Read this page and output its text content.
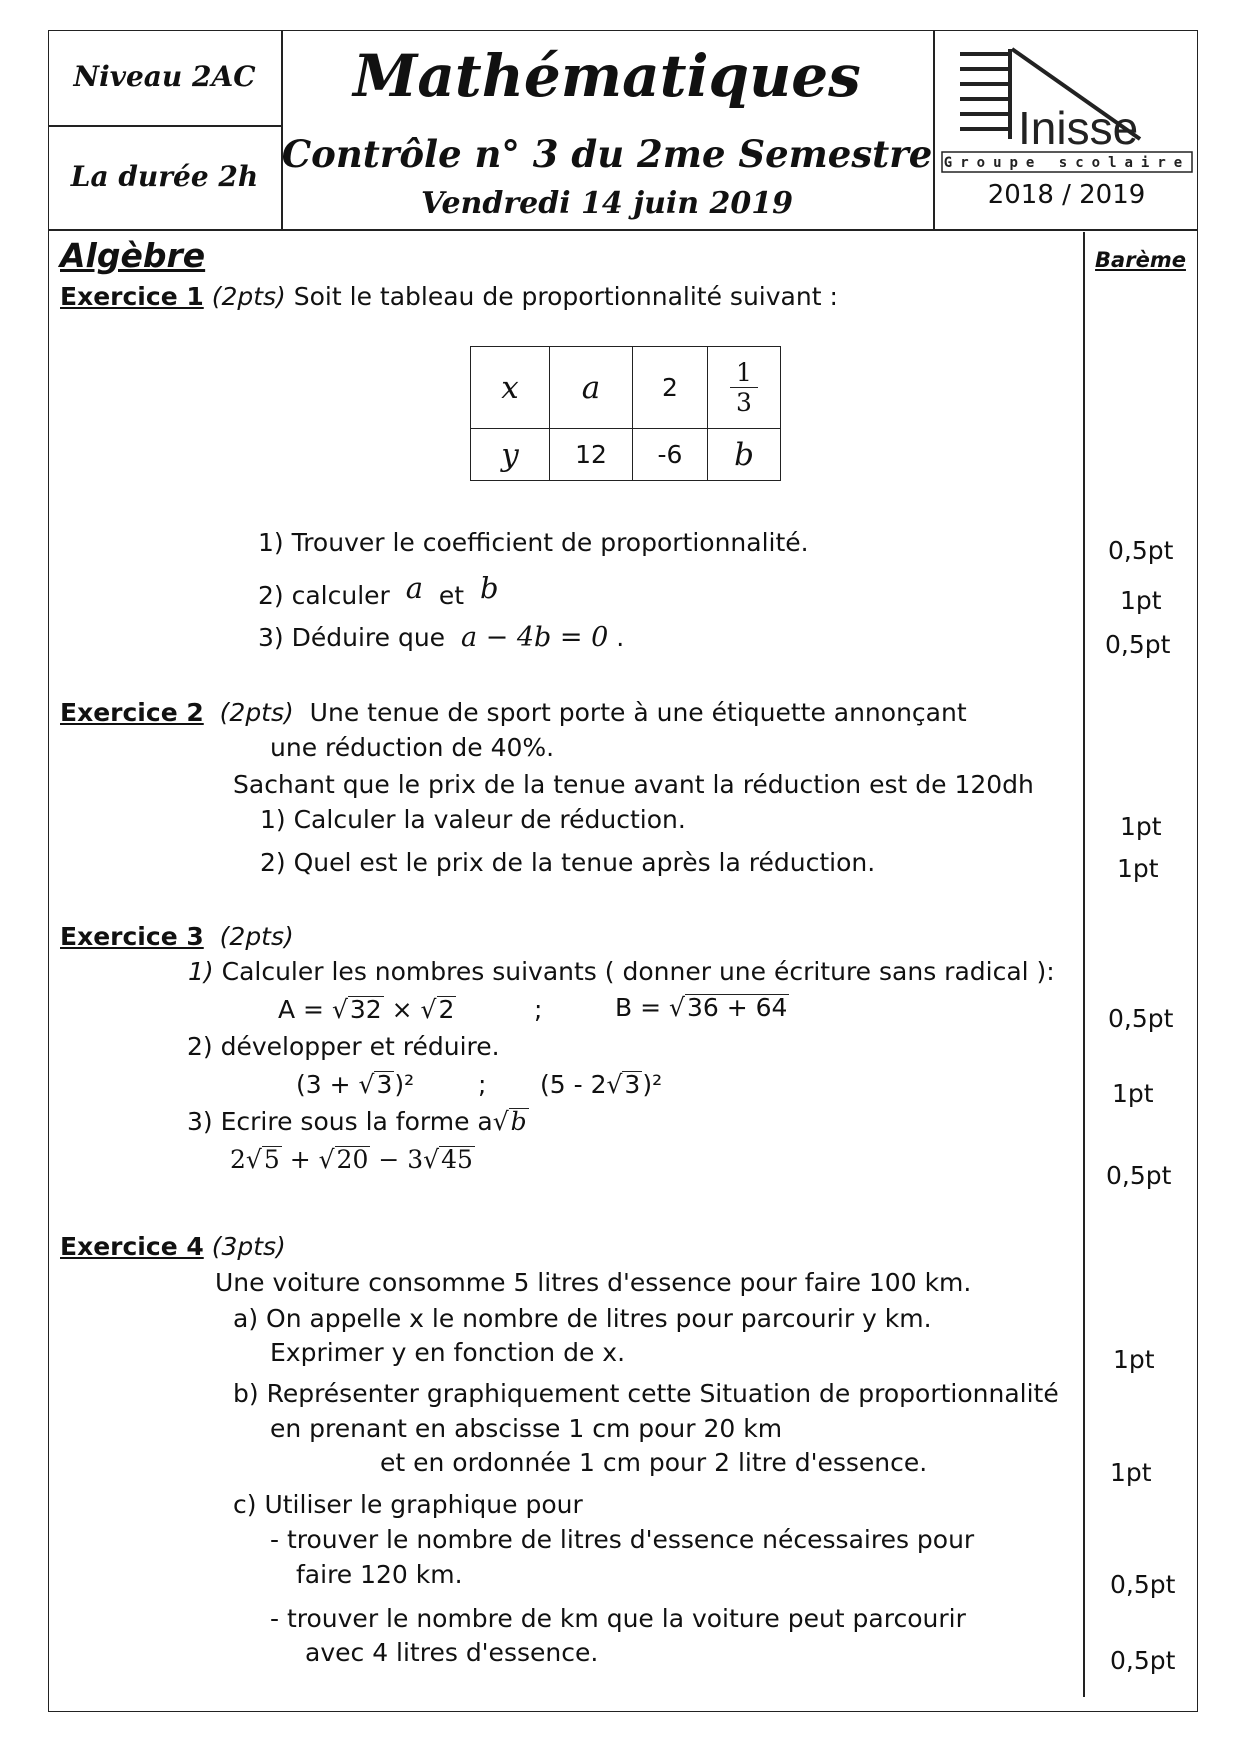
Niveau 2AC
La durée 2h
Mathématiques
Contrôle n° 3 du 2me Semestre
Vendredi 14 juin 2019
Inisse
Groupe scolaire
2018 / 2019
Algèbre	Barème
Exercice 1 (2pts) Soit le tableau de proportionnalité suivant :
x	a	2	$\frac{1}{3}$

y	12	-6	b
1) Trouver le coefficient de proportionnalité.
2) calculer a et b
3) Déduire que a − 4b = 0 .
0,5pt
1pt
0,5pt
Exercice 2 (2pts) Une tenue de sport porte à une étiquette annonçant
une réduction de 40%.
Sachant que le prix de la tenue avant la réduction est de 120dh
1) Calculer la valeur de réduction.
2) Quel est le prix de la tenue après la réduction.
1pt
1pt
Exercice 3 (2pts)
1) Calculer les nombres suivants ( donner une écriture sans radical ):
A = √32 × √2	;	B = √36 + 64
2) développer et réduire.
(3 + √3)²	; (5 - 2√3)²
3) Ecrire sous la forme a√b
2√5 + √20 − 3√45
0,5pt
1pt
0,5pt
Exercice 4 (3pts)
Une voiture consomme 5 litres d'essence pour faire 100 km.
a) On appelle x le nombre de litres pour parcourir y km.
Exprimer y en fonction de x.
b) Représenter graphiquement cette Situation de proportionnalité
en prenant en abscisse 1 cm pour 20 km
et en ordonnée 1 cm pour 2 litre d'essence.
c) Utiliser le graphique pour
- trouver le nombre de litres d'essence nécessaires pour
faire 120 km.
- trouver le nombre de km que la voiture peut parcourir
avec 4 litres d'essence.
1pt
1pt
0,5pt
0,5pt
